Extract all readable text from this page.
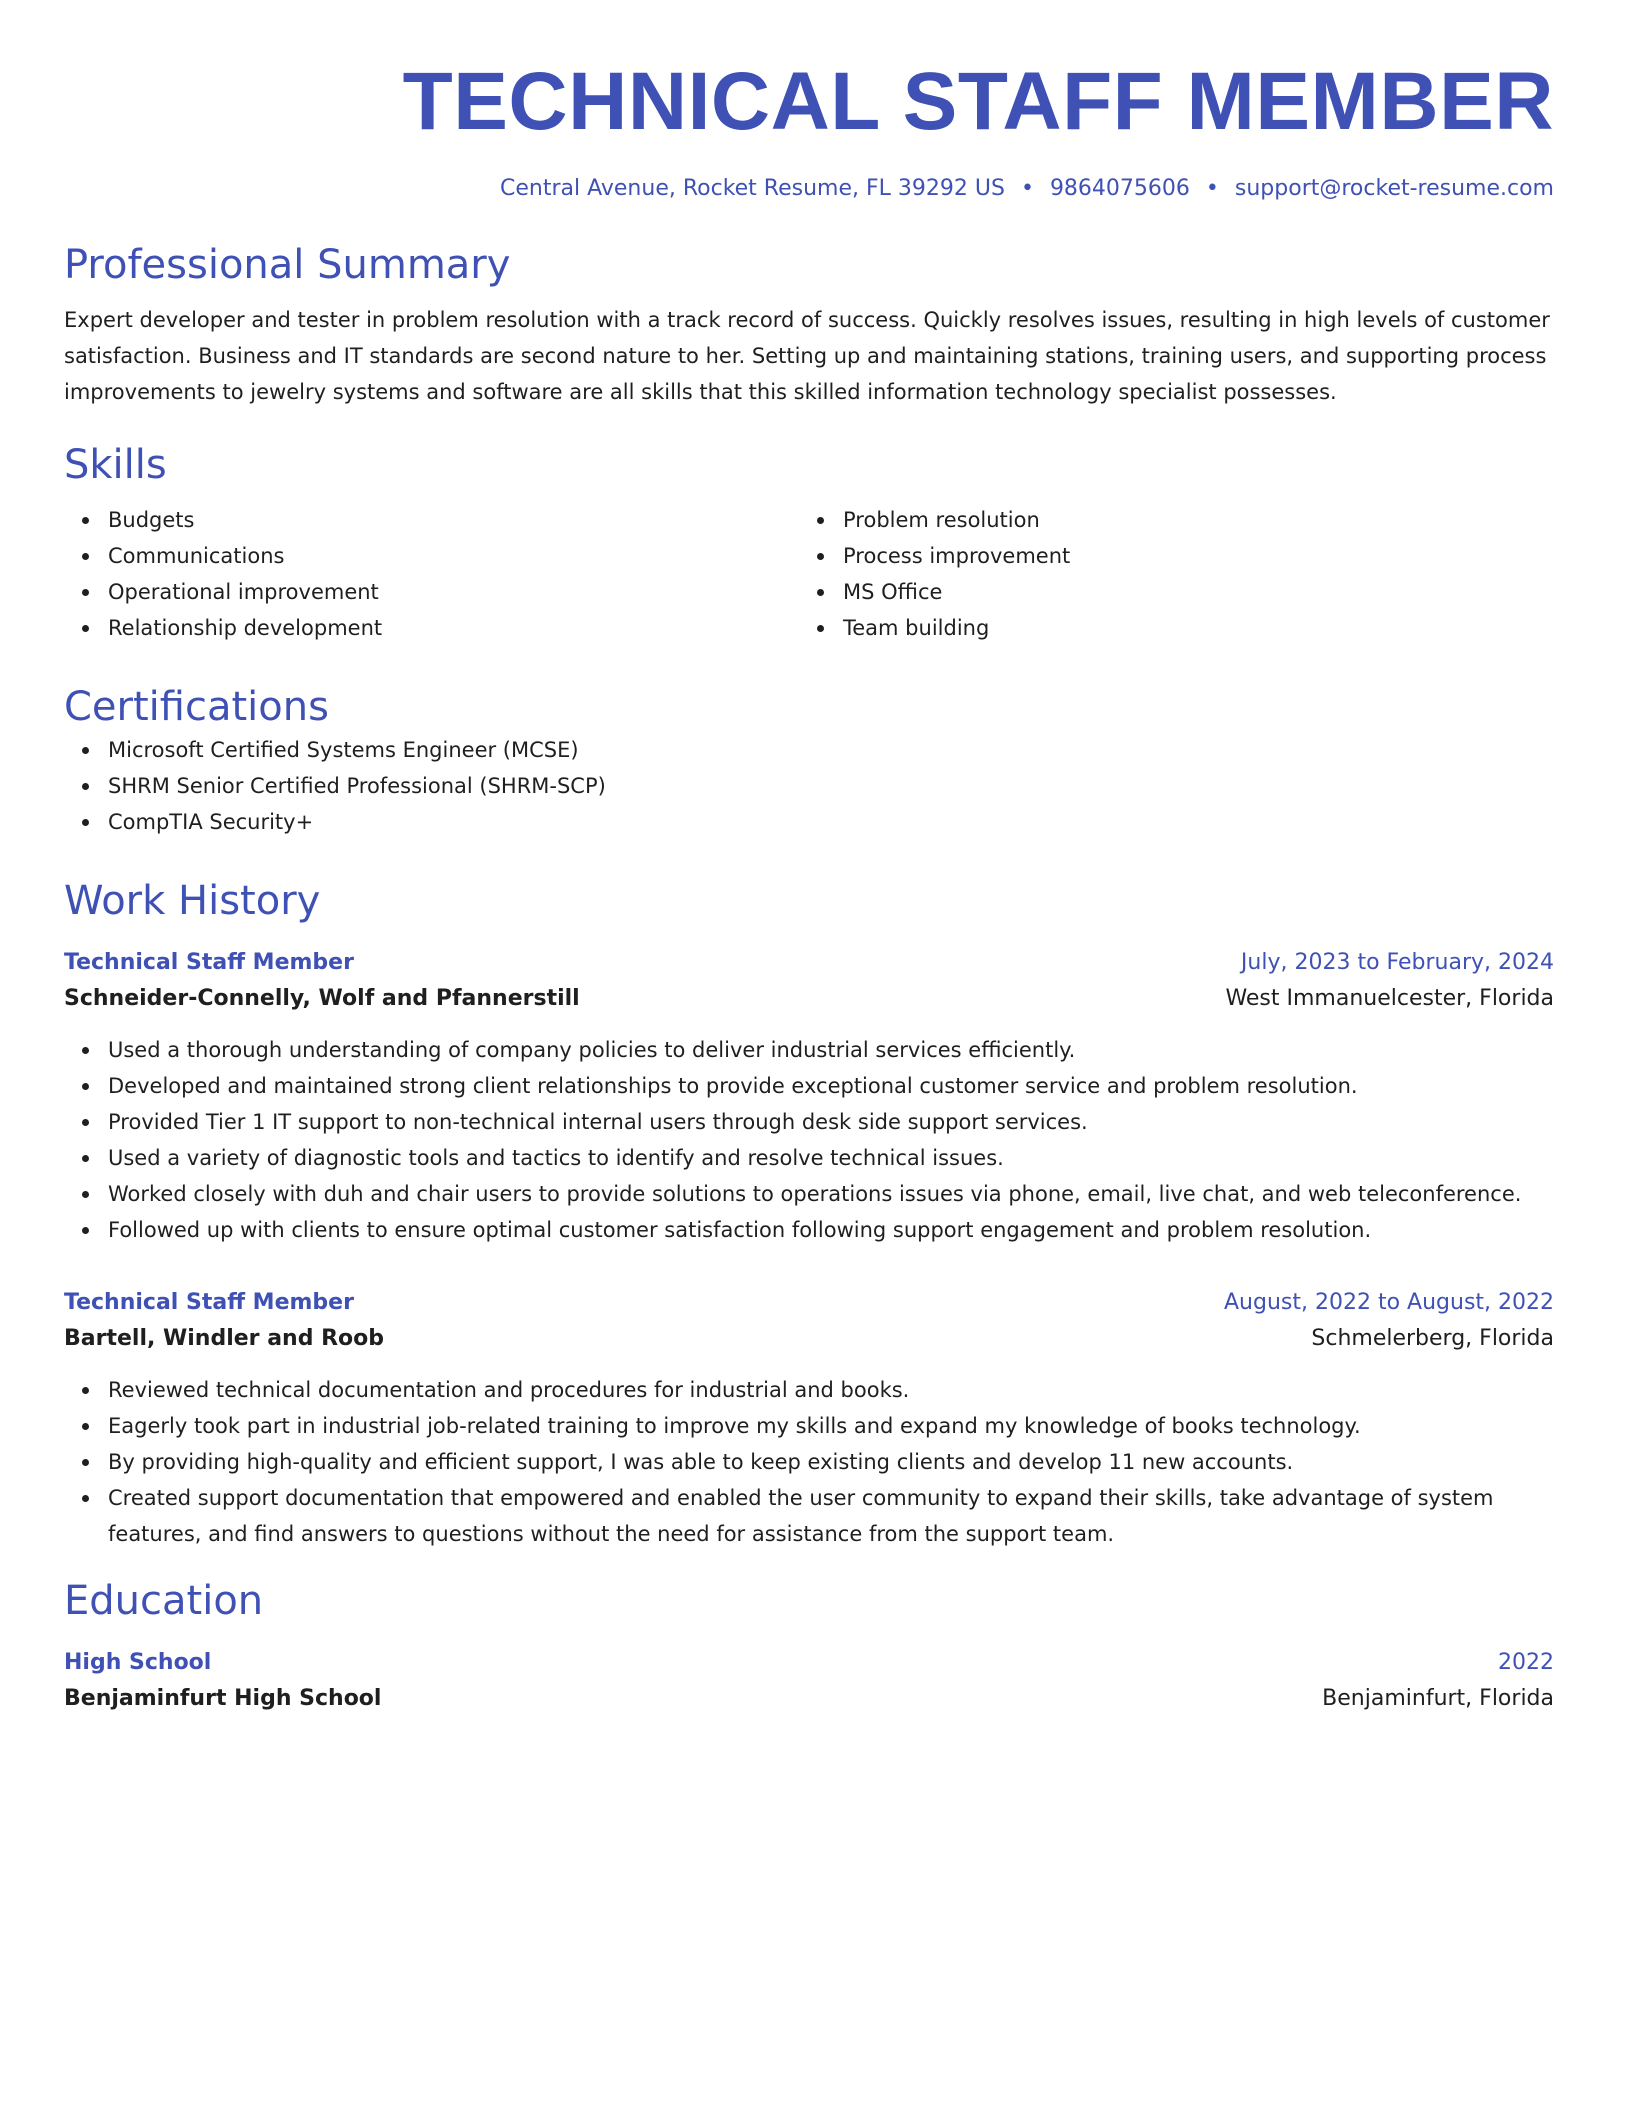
TECHNICAL STAFF MEMBER
Central Avenue, Rocket Resume, FL 39292 US • 9864075606 • support@rocket-resume.com
Professional Summary

Expert developer and tester in problem resolution with a track record of success. Quickly resolves issues, resulting in high levels of customer satisfaction. Business and IT standards are second nature to her. Setting up and maintaining stations, training users, and supporting process improvements to jewelry systems and software are all skills that this skilled information technology specialist possesses.

Skills
Budgets
Communications
Operational improvement
Relationship development
Problem resolution
Process improvement
MS Office
Team building
Certifications
Microsoft Certified Systems Engineer (MCSE)
SHRM Senior Certified Professional (SHRM-SCP)
CompTIA Security+
Work History
Technical Staff Member	July, 2023 to February, 2024
Schneider-Connelly, Wolf and Pfannerstill	West Immanuelcester, Florida
Used a thorough understanding of company policies to deliver industrial services efficiently.
Developed and maintained strong client relationships to provide exceptional customer service and problem resolution.
Provided Tier 1 IT support to non-technical internal users through desk side support services.
Used a variety of diagnostic tools and tactics to identify and resolve technical issues.
Worked closely with duh and chair users to provide solutions to operations issues via phone, email, live chat, and web teleconference.
Followed up with clients to ensure optimal customer satisfaction following support engagement and problem resolution.
Technical Staff Member	August, 2022 to August, 2022
Bartell, Windler and Roob	Schmelerberg, Florida
Reviewed technical documentation and procedures for industrial and books.
Eagerly took part in industrial job-related training to improve my skills and expand my knowledge of books technology.
By providing high-quality and efficient support, I was able to keep existing clients and develop 11 new accounts.
Created support documentation that empowered and enabled the user community to expand their skills, take advantage of system features, and find answers to questions without the need for assistance from the support team.
Education
High School	2022
Benjaminfurt High School	Benjaminfurt, Florida
